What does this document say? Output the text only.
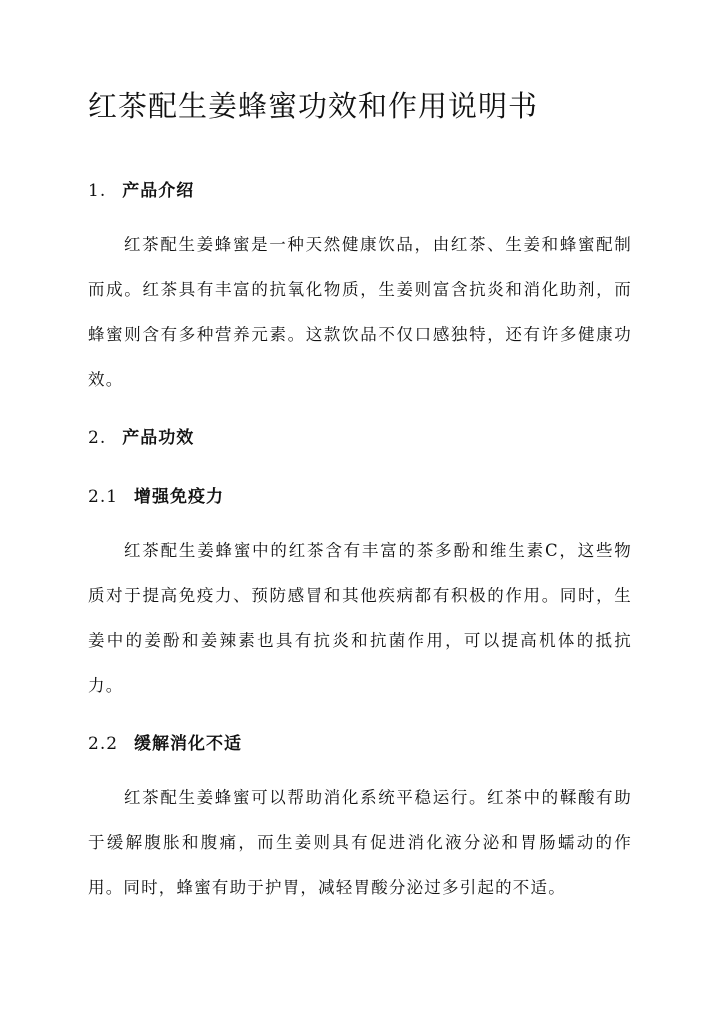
红茶配生姜蜂蜜功效和作用说明书
1. 产品介绍

红茶配生姜蜂蜜是一种天然健康饮品，由红茶、生姜和蜂蜜配制而成。红茶具有丰富的抗氧化物质，生姜则富含抗炎和消化助剂，而蜂蜜则含有多种营养元素。这款饮品不仅口感独特，还有许多健康功效。

2. 产品功效
2.1 增强免疫力

红茶配生姜蜂蜜中的红茶含有丰富的茶多酚和维生素C，这些物质对于提高免疫力、预防感冒和其他疾病都有积极的作用。同时，生姜中的姜酚和姜辣素也具有抗炎和抗菌作用，可以提高机体的抵抗力。

2.2 缓解消化不适

红茶配生姜蜂蜜可以帮助消化系统平稳运行。红茶中的鞣酸有助于缓解腹胀和腹痛，而生姜则具有促进消化液分泌和胃肠蠕动的作用。同时，蜂蜜有助于护胃，减轻胃酸分泌过多引起的不适。
